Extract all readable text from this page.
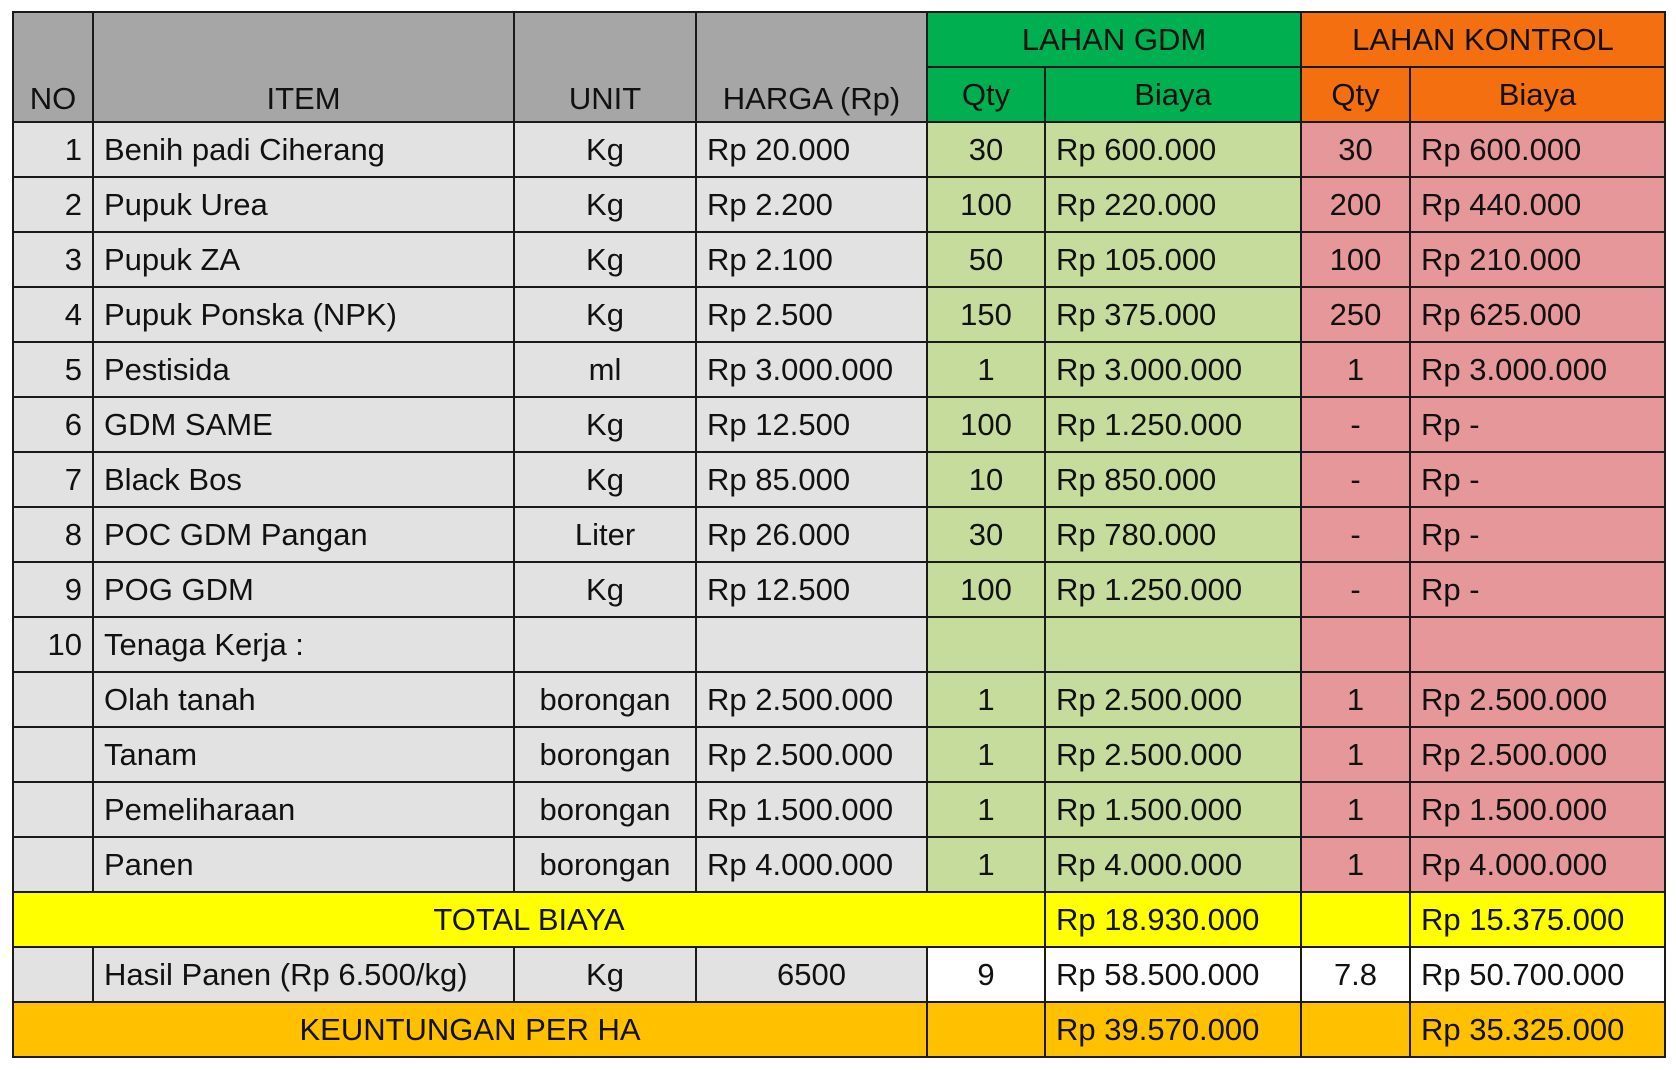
NO	ITEM	UNIT	HARGA (Rp)	LAHAN GDM		LAHAN KONTROL	
				Qty	Biaya	Qty	Biaya
1	Benih padi Ciherang	Kg	Rp 20.000	30	Rp 600.000	30	Rp 600.000
2	Pupuk Urea	Kg	Rp 2.200	100	Rp 220.000	200	Rp 440.000
3	Pupuk ZA	Kg	Rp 2.100	50	Rp 105.000	100	Rp 210.000
4	Pupuk Ponska (NPK)	Kg	Rp 2.500	150	Rp 375.000	250	Rp 625.000
5	Pestisida	ml	Rp 3.000.000	1	Rp 3.000.000	1	Rp 3.000.000
6	GDM SAME	Kg	Rp 12.500	100	Rp 1.250.000	-	Rp -
7	Black Bos	Kg	Rp 85.000	10	Rp 850.000	-	Rp -
8	POC GDM Pangan	Liter	Rp 26.000	30	Rp 780.000	-	Rp -
9	POG GDM	Kg	Rp 12.500	100	Rp 1.250.000	-	Rp -
10	Tenaga Kerja :						
	Olah tanah	borongan	Rp 2.500.000	1	Rp 2.500.000	1	Rp 2.500.000
	Tanam	borongan	Rp 2.500.000	1	Rp 2.500.000	1	Rp 2.500.000
	Pemeliharaan	borongan	Rp 1.500.000	1	Rp 1.500.000	1	Rp 1.500.000
	Panen	borongan	Rp 4.000.000	1	Rp 4.000.000	1	Rp 4.000.000
TOTAL BIAYA					Rp 18.930.000		Rp 15.375.000
	Hasil Panen (Rp 6.500/kg)	Kg	6500	9	Rp 58.500.000	7.8	Rp 50.700.000
KEUNTUNGAN PER HA					Rp 39.570.000		Rp 35.325.000
